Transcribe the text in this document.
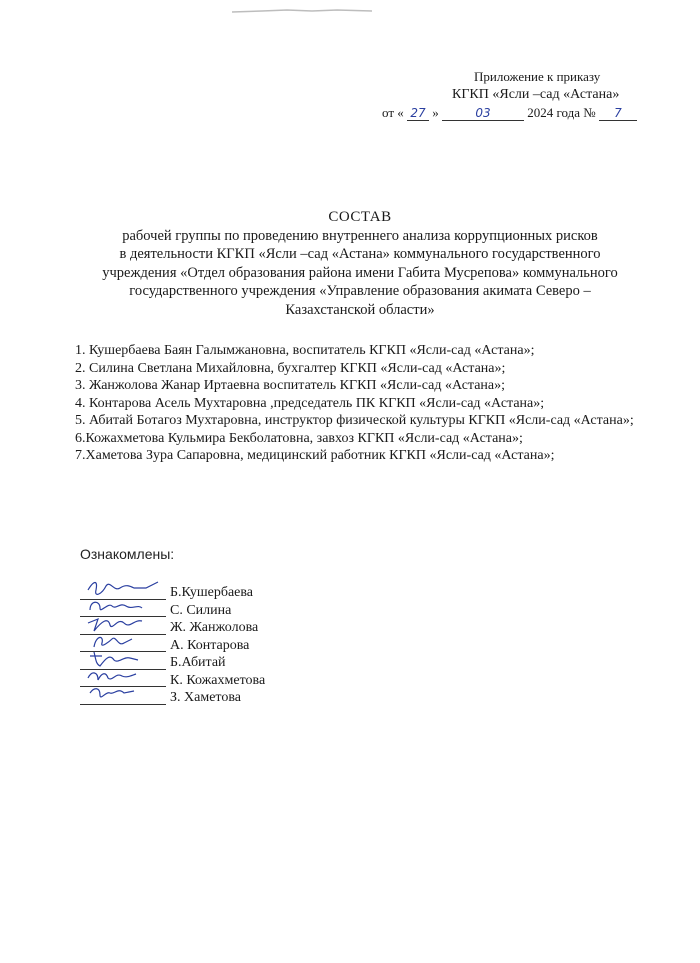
Приложение к приказу
КГКП «Ясли –сад «Астана»
от « 27 »	03	2024 года № 7
СОСТАВ
рабочей группы по проведению внутреннего анализа коррупционных рисков
в деятельности КГКП «Ясли –сад «Астана» коммунального государственного
учреждения «Отдел образования района имени Габита Мусрепова» коммунального
государственного учреждения «Управление образования акимата Северо –
Казахстанской области»
1. Кушербаева Баян Галымжановна, воспитатель КГКП «Ясли-сад «Астана»;
2. Силина Светлана Михайловна, бухгалтер КГКП «Ясли-сад «Астана»;
3. Жанжолова Жанар Иртаевна воспитатель КГКП «Ясли-сад «Астана»;
4. Контарова Асель Мухтаровна ,председатель ПК КГКП «Ясли-сад «Астана»;
5. Абитай Ботагоз Мухтаровна, инструктор физической культуры КГКП «Ясли-сад «Астана»;
6.Кожахметова Кульмира Бекболатовна, завхоз КГКП «Ясли-сад «Астана»;
7.Хаметова Зура Сапаровна, медицинский работник КГКП «Ясли-сад «Астана»;
Ознакомлены:
Б.Кушербаева
С. Силина
Ж. Жанжолова
А. Контарова
Б.Абитай
К. Кожахметова
З. Хаметова
